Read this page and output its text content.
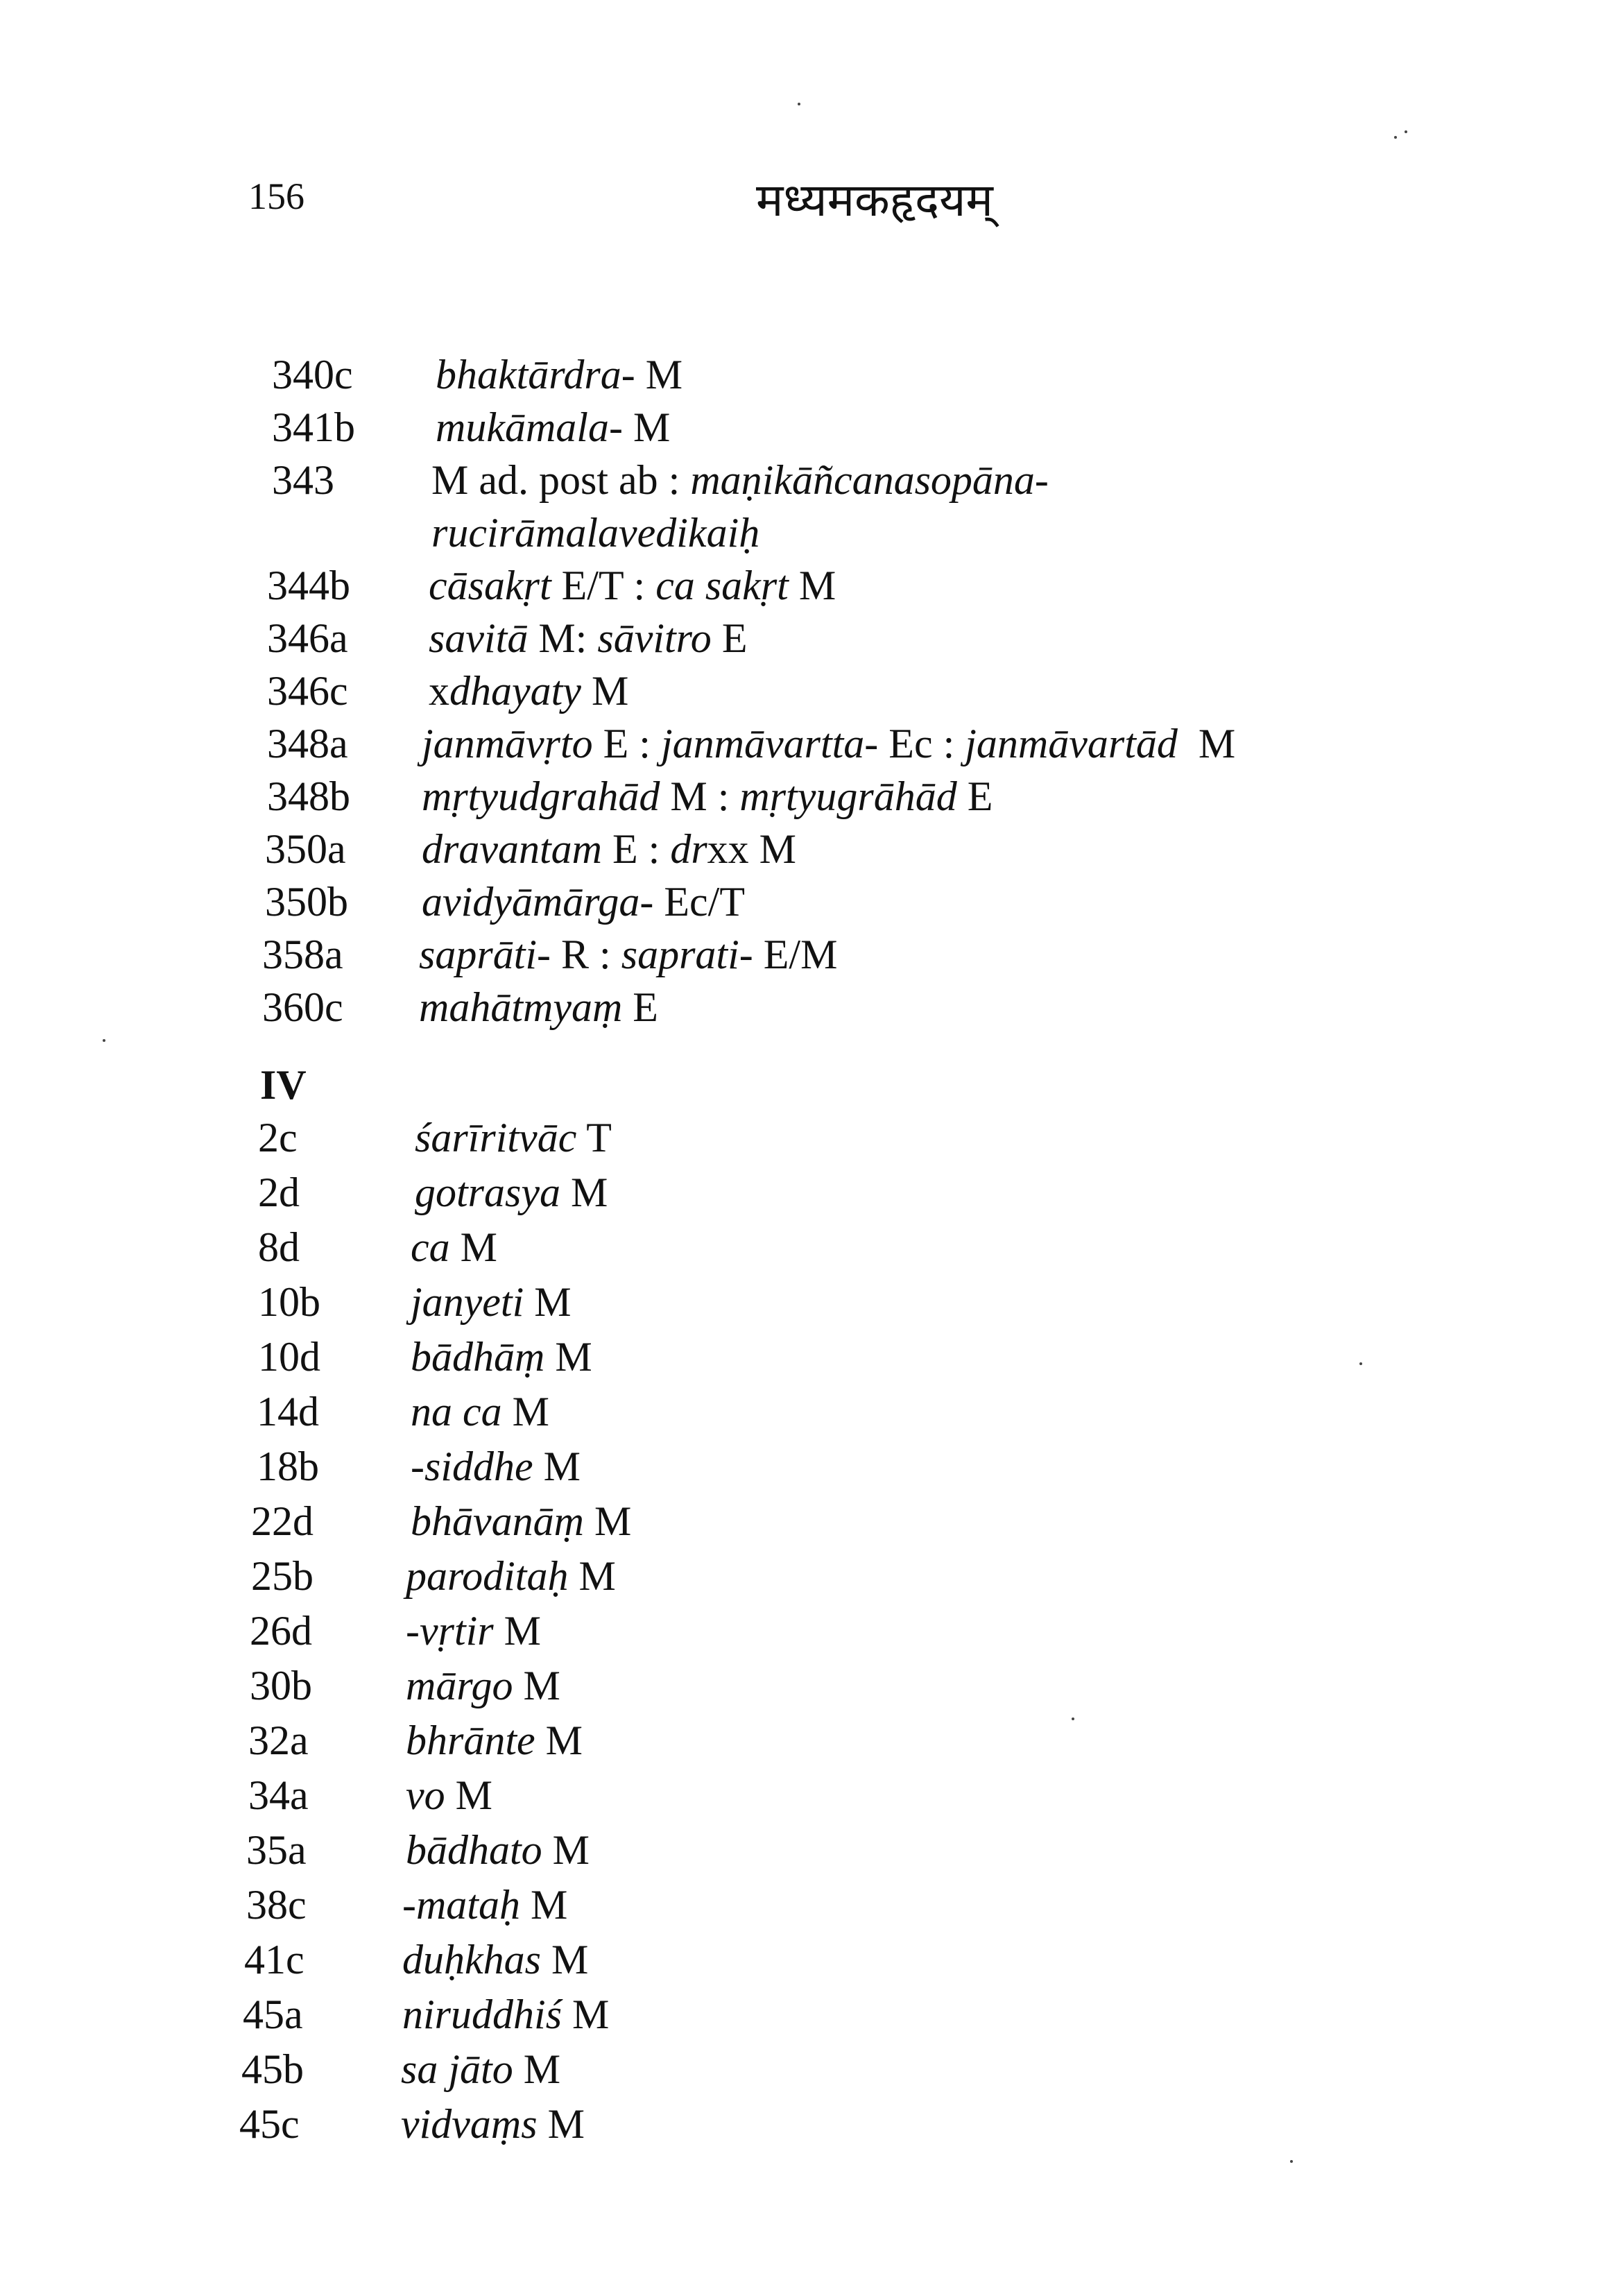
156	मध्यमकहृदयम्
340c bhaktārdra- M
341b mukāmala- M
343 M ad. post ab : maṇikāñcanasopāna-
rucirāmalavedikaiḥ
344b cāsakṛt E/T : ca sakṛt M
346a savitā M: sāvitro E
346c xdhayaty M
348a janmāvṛto E : janmāvartta- Ec : janmāvartād  M
348b mṛtyudgrahād M : mṛtyugrāhād E
350a dravantam E : drxx M
350b avidyāmārga- Ec/T
358a saprāti- R : saprati- E/M
360c mahātmyaṃ E
2c	śarīritvāc T
2d	gotrasya M
8d	ca M
10b janyeti M
10d bādhāṃ M
14d na ca M
18b -siddhe M
22d bhāvanāṃ M
25b paroditaḥ M
26d -vṛtir M
30b mārgo M
32a bhrānte M
34a vo M
35a bādhato M
38c -mataḥ M
41c duḥkhas M
45a niruddhiś M
45b sa jāto M
45c vidvaṃs M
IV
